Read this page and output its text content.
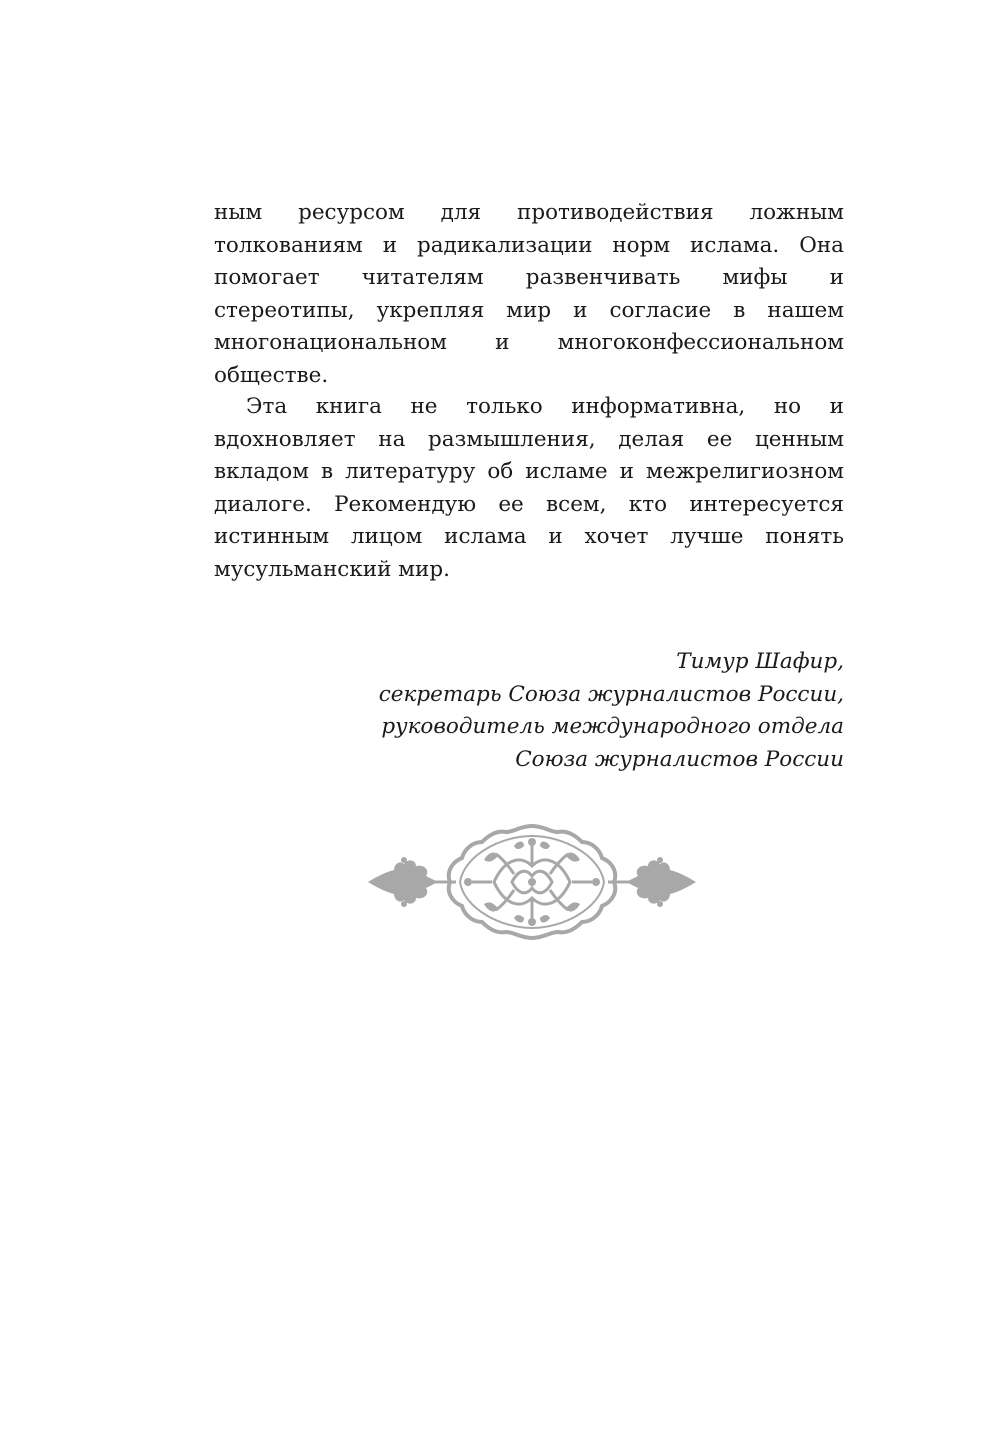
ным ресурсом для противодействия ложным толкованиям и радикализации норм ислама. Она помогает читателям развенчивать мифы и стереотипы, укрепляя мир и согласие в нашем многонациональном и многоконфессиональном обществе.

Эта книга не только информативна, но и вдохновляет на размышления, делая ее ценным вкладом в литературу об исламе и межрелигиозном диалоге. Рекомендую ее всем, кто интересуется истинным лицом ислама и хочет лучше понять мусульманский мир.

Тимур Шафир,
секретарь Союза журналистов России,
руководитель международного отдела
Союза журналистов России
